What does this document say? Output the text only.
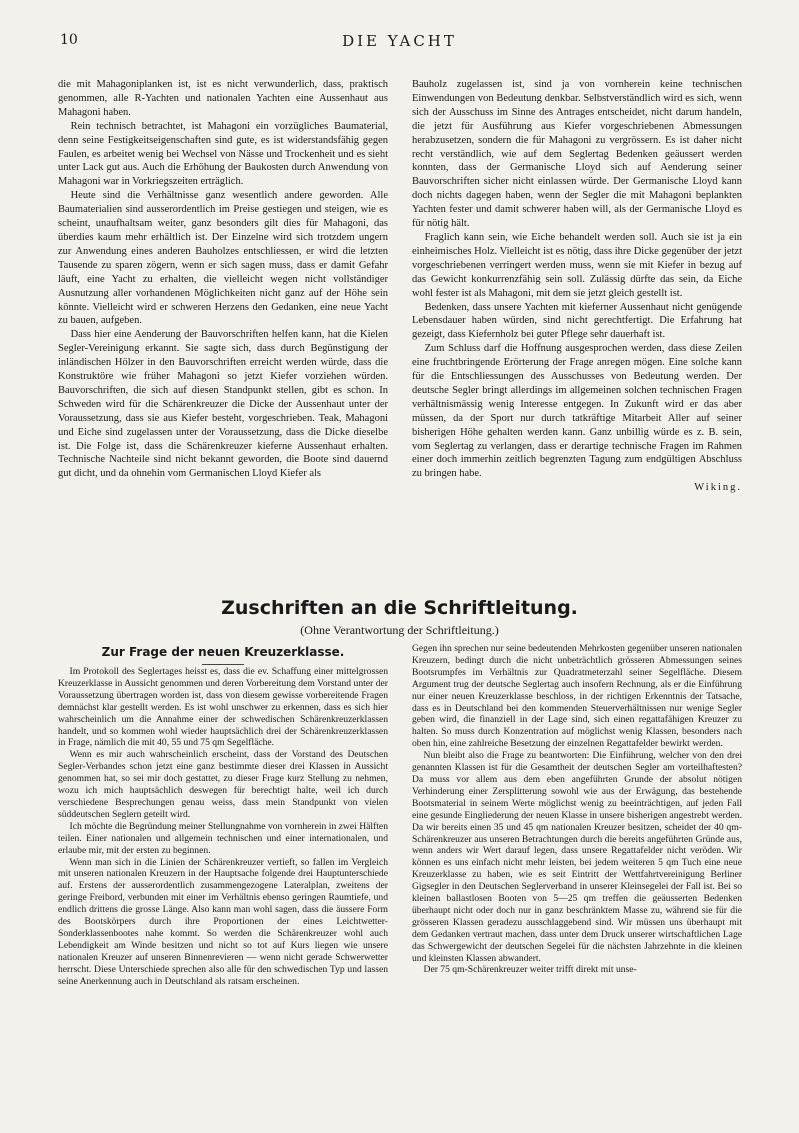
10	DIE YACHT

die mit Mahagoniplanken ist, ist es nicht verwunderlich, dass, praktisch genommen, alle R-Yachten und nationalen Yachten eine Aussenhaut aus Mahagoni haben.

Rein technisch betrachtet, ist Mahagoni ein vorzügliches Baumaterial, denn seine Festigkeitseigenschaften sind gute, es ist widerstandsfähig gegen Faulen, es arbeitet wenig bei Wechsel von Nässe und Trockenheit und es sieht unter Lack gut aus. Auch die Erhöhung der Baukosten durch Anwendung von Mahagoni war in Vorkriegszeiten erträglich.

Heute sind die Verhältnisse ganz wesentlich andere geworden. Alle Baumaterialien sind ausserordentlich im Preise gestiegen und steigen, wie es scheint, unaufhaltsam weiter, ganz besonders gilt dies für Mahagoni, das überdies kaum mehr erhältlich ist. Der Einzelne wird sich trotzdem ungern zur Anwendung eines anderen Bauholzes entschliessen, er wird die letzten Tausende zu sparen zögern, wenn er sich sagen muss, dass er damit Gefahr läuft, eine Yacht zu erhalten, die vielleicht wegen nicht vollständiger Ausnutzung aller vorhandenen Möglichkeiten nicht ganz auf der Höhe sein könnte. Vielleicht wird er schweren Herzens den Gedanken, eine neue Yacht zu bauen, aufgeben.

Dass hier eine Aenderung der Bauvorschriften helfen kann, hat die Kielen Segler-Vereinigung erkannt. Sie sagte sich, dass durch Begünstigung der inländischen Hölzer in den Bauvorschriften erreicht werden würde, dass die Konstruktöre wie früher Mahagoni so jetzt Kiefer vorziehen würden. Bauvorschriften, die sich auf diesen Standpunkt stellen, gibt es schon. In Schweden wird für die Schärenkreuzer die Dicke der Aussenhaut unter der Voraussetzung, dass sie aus Kiefer besteht, vorgeschrieben. Teak, Mahagoni und Eiche sind zugelassen unter der Voraussetzung, dass die Dicke dieselbe ist. Die Folge ist, dass die Schärenkreuzer kieferne Aussenhaut erhalten. Technische Nachteile sind nicht bekannt geworden, die Boote sind dauernd gut dicht, und da ohnehin vom Germanischen Lloyd Kiefer als

Bauholz zugelassen ist, sind ja von vornherein keine technischen Einwendungen von Bedeutung denkbar. Selbstverständlich wird es sich, wenn sich der Ausschuss im Sinne des Antrages entscheidet, nicht darum handeln, die jetzt für Ausführung aus Kiefer vorgeschriebenen Abmessungen herabzusetzen, sondern die für Mahagoni zu vergrössern. Es ist daher nicht recht verständlich, wie auf dem Seglertag Bedenken geäussert werden konnten, dass der Germanische Lloyd sich auf Aenderung seiner Bauvorschriften sicher nicht einlassen würde. Der Germanische Lloyd kann doch nichts dagegen haben, wenn der Segler die mit Mahagoni beplankten Yachten fester und damit schwerer haben will, als der Germanische Lloyd es für nötig hält.

Fraglich kann sein, wie Eiche behandelt werden soll. Auch sie ist ja ein einheimisches Holz. Vielleicht ist es nötig, dass ihre Dicke gegenüber der jetzt vorgeschriebenen verringert werden muss, wenn sie mit Kiefer in bezug auf das Gewicht konkurrenzfähig sein soll. Zulässig dürfte das sein, da Eiche wohl fester ist als Mahagoni, mit dem sie jetzt gleich gestellt ist.

Bedenken, dass unsere Yachten mit kieferner Aussenhaut nicht genügende Lebensdauer haben würden, sind nicht gerechtfertigt. Die Erfahrung hat gezeigt, dass Kiefernholz bei guter Pflege sehr dauerhaft ist.

Zum Schluss darf die Hoffnung ausgesprochen werden, dass diese Zeilen eine fruchtbringende Erörterung der Frage anregen mögen. Eine solche kann für die Entschliessungen des Ausschusses von Bedeutung werden. Der deutsche Segler bringt allerdings im allgemeinen solchen technischen Fragen verhältnismässig wenig Interesse entgegen. In Zukunft wird er das aber müssen, da der Sport nur durch tatkräftige Mitarbeit Aller auf seiner bisherigen Höhe gehalten werden kann. Ganz unbillig würde es z. B. sein, vom Seglertag zu verlangen, dass er derartige technische Fragen im Rahmen einer doch immerhin zeitlich begrenzten Tagung zum endgültigen Abschluss zu bringen habe.

Wiking.
Zuschriften an die Schriftleitung.
(Ohne Verantwortung der Schriftleitung.)
Zur Frage der neuen Kreuzerklasse.

Im Protokoll des Seglertages heisst es, dass die ev. Schaffung einer mittelgrossen Kreuzerklasse in Aussicht genommen und deren Vorbereitung dem Vorstand unter der Voraussetzung übertragen worden ist, dass von diesem gewisse vorbereitende Fragen demnächst klar gestellt werden. Es ist wohl unschwer zu erkennen, dass es sich hier wahrscheinlich um die Annahme einer der schwedischen Schärenkreuzerklassen handelt, und so kommen wohl wieder hauptsächlich drei der Schärenkreuzerklassen in Frage, nämlich die mit 40, 55 und 75 qm Segelfläche.

Wenn es mir auch wahrscheinlich erscheint, dass der Vorstand des Deutschen Segler-Verbandes schon jetzt eine ganz bestimmte dieser drei Klassen in Aussicht genommen hat, so sei mir doch gestattet, zu dieser Frage kurz Stellung zu nehmen, wozu ich mich hauptsächlich deswegen für berechtigt halte, weil ich durch verschiedene Besprechungen genau weiss, dass mein Standpunkt von vielen süddeutschen Seglern geteilt wird.

Ich möchte die Begründung meiner Stellungnahme von vornherein in zwei Hälften teilen. Einer nationalen und allgemein technischen und einer internationalen, und erlaube mir, mit der ersten zu beginnen.

Wenn man sich in die Linien der Schärenkreuzer vertieft, so fallen im Vergleich mit unseren nationalen Kreuzern in der Hauptsache folgende drei Hauptunterschiede auf. Erstens der ausserordentlich zusammengezogene Lateralplan, zweitens der geringe Freibord, verbunden mit einer im Verhältnis ebenso geringen Raumtiefe, und endlich drittens die grosse Länge. Also kann man wohl sagen, dass die äussere Form des Bootskörpers durch ihre Proportionen der eines Leichtwetter-Sonderklassenbootes nahe kommt. So werden die Schärenkreuzer wohl auch Lebendigkeit am Winde besitzen und nicht so tot auf Kurs liegen wie unsere nationalen Kreuzer auf unseren Binnenrevieren — wenn nicht gerade Schwerwetter herrscht. Diese Unterschiede sprechen also alle für den schwedischen Typ und lassen seine Anerkennung auch in Deutschland als ratsam erscheinen.

Gegen ihn sprechen nur seine bedeutenden Mehrkosten gegenüber unseren nationalen Kreuzern, bedingt durch die nicht unbeträchtlich grösseren Abmessungen seines Bootsrumpfes im Verhältnis zur Quadratmeterzahl seiner Segelfläche. Diesem Argument trug der deutsche Seglertag auch insofern Rechnung, als er die Einführung nur einer neuen Kreuzerklasse beschloss, in der richtigen Erkenntnis der Tatsache, dass es in Deutschland bei den kommenden Steuerverhältnissen nur wenige Segler geben wird, die finanziell in der Lage sind, sich einen regattafähigen Kreuzer zu halten. So muss durch Konzentration auf möglichst wenig Klassen, besonders nach oben hin, eine zahlreiche Besetzung der einzelnen Regattafelder bewirkt werden.

Nun bleibt also die Frage zu beantworten: Die Einführung, welcher von den drei genannten Klassen ist für die Gesamtheit der deutschen Segler am vorteilhaftesten? Da muss vor allem aus dem eben angeführten Grunde der absolut nötigen Verhinderung einer Zersplitterung sowohl wie aus der Erwägung, das bestehende Bootsmaterial in seinem Werte möglichst wenig zu beeinträchtigen, auf jeden Fall eine gesunde Eingliederung der neuen Klasse in unsere bisherigen angestrebt werden. Da wir bereits einen 35 und 45 qm nationalen Kreuzer besitzen, scheidet der 40 qm-Schärenkreuzer aus unseren Betrachtungen durch die bereits angeführten Gründe aus, wenn anders wir Wert darauf legen, dass unsere Regattafelder nicht veröden. Wir können es uns einfach nicht mehr leisten, bei jedem weiteren 5 qm Tuch eine neue Kreuzerklasse zu haben, wie es seit Eintritt der Wettfahrtvereinigung Berliner Gigsegler in den Deutschen Seglerverband in unserer Kleinsegelei der Fall ist. Bei so kleinen ballastlosen Booten von 5—25 qm treffen die geäusserten Bedenken überhaupt nicht oder doch nur in ganz beschränktem Masse zu, während sie für die grösseren Klassen geradezu ausschlaggebend sind. Wir müssen uns überhaupt mit dem Gedanken vertraut machen, dass unter dem Druck unserer wirtschaftlichen Lage das Schwergewicht der deutschen Segelei für die nächsten Jahrzehnte in die kleinen und kleinsten Klassen abwandert.

Der 75 qm-Schärenkreuzer weiter trifft direkt mit unse-
